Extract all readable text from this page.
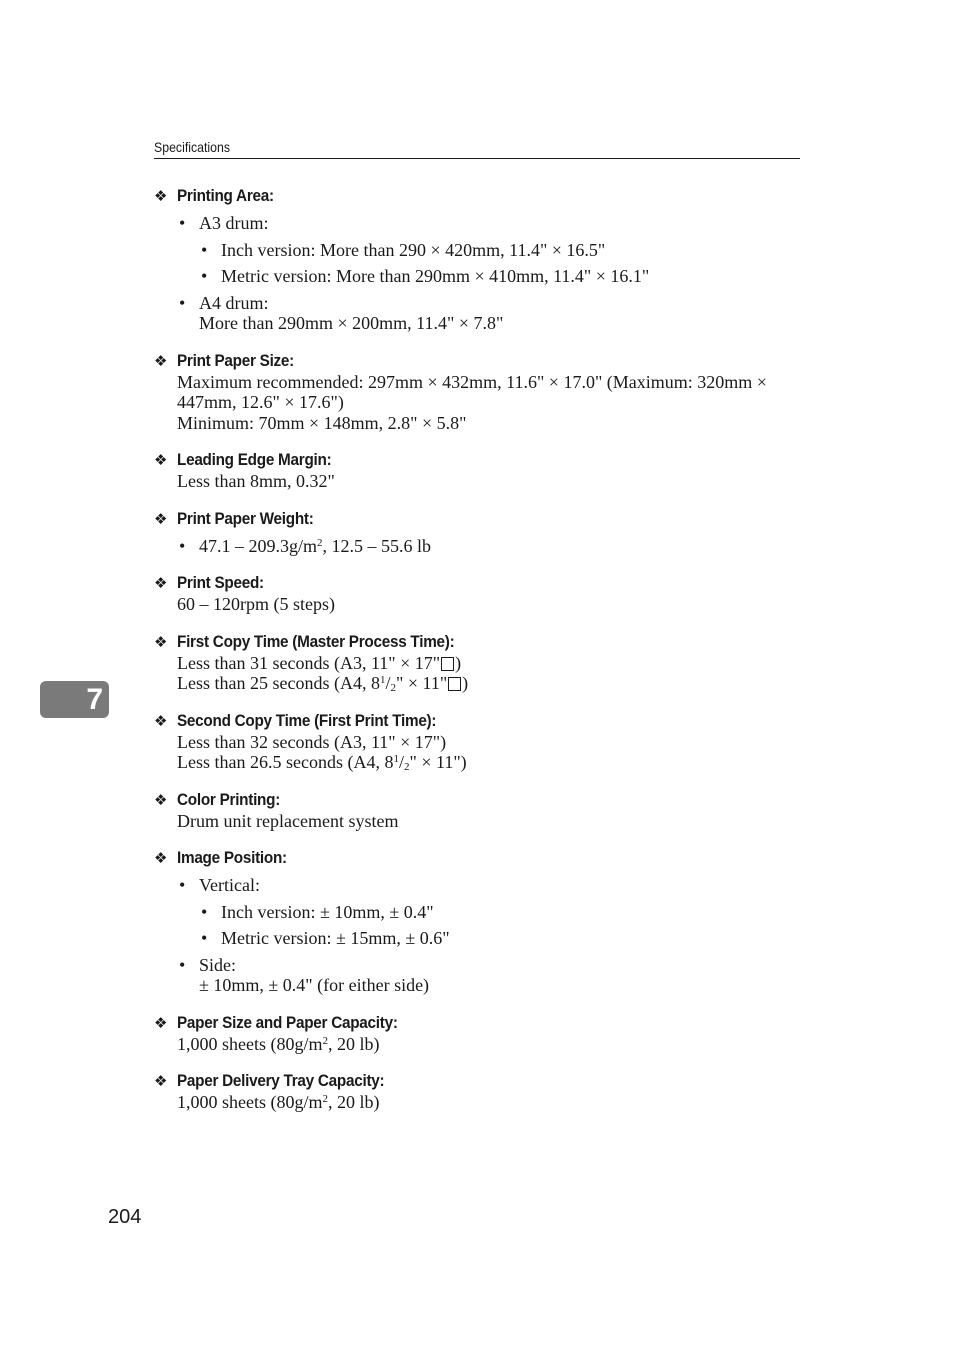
Specifications
❖ Printing Area:
• A3 drum:
• Inch version: More than 290 × 420mm, 11.4" × 16.5"
• Metric version: More than 290mm × 410mm, 11.4" × 16.1"
• A4 drum:
More than 290mm × 200mm, 11.4" × 7.8"
❖ Print Paper Size:
Maximum recommended: 297mm × 432mm, 11.6" × 17.0" (Maximum: 320mm × 447mm, 12.6" × 17.6")
Minimum: 70mm × 148mm, 2.8" × 5.8"
❖ Leading Edge Margin:
Less than 8mm, 0.32"
❖ Print Paper Weight:
• $47.1 - 209.3g/m^2$, 12.5 – 55.6 lb
❖ Print Speed:
60 – 120rpm (5 steps)
❖ First Copy Time (Master Process Time):
Less than 31 seconds (A3, 11" × 17" )
Less than 25 seconds (A4, $8^1/_2$" × 11" )
❖ Second Copy Time (First Print Time):
Less than 32 seconds (A3, 11" × 17")
Less than 26.5 seconds (A4, $8^1/_2$" × 11")
❖ Color Printing:
Drum unit replacement system
❖ Image Position:
• Vertical:
• Inch version: ± 10mm, ± 0.4"
• Metric version: ± 15mm, ± 0.6"
• Side:
± 10mm, ± 0.4" (for either side)
❖ Paper Size and Paper Capacity:
1,000 sheets ($80g/m^2$, 20 lb)
❖ Paper Delivery Tray Capacity:
1,000 sheets ($80g/m^2$, 20 lb)
7
204
